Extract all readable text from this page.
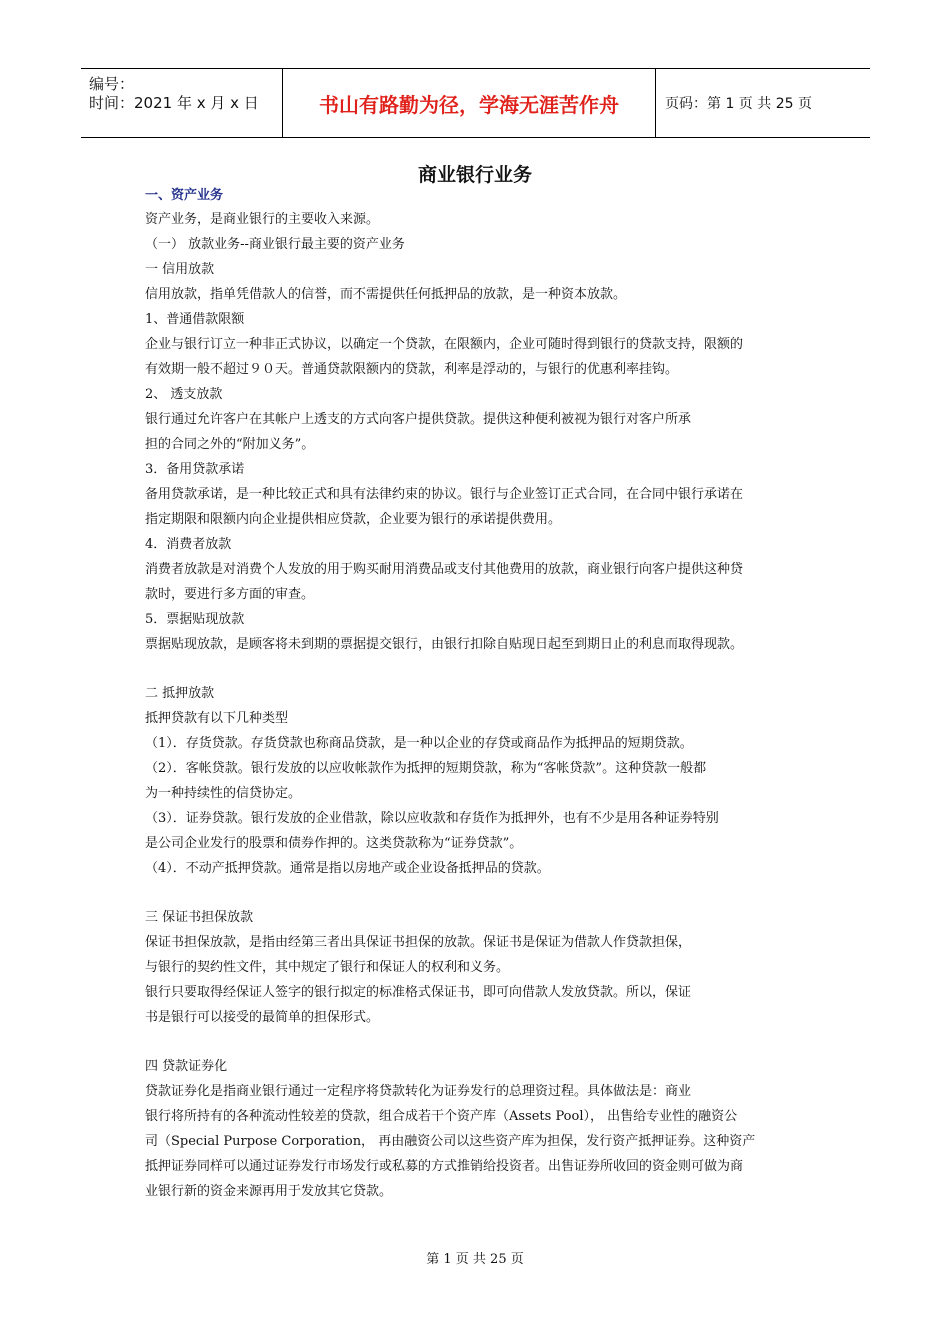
编号：
时间：2021 年 x 月 x 日	书山有路勤为径，学海无涯苦作舟	页码：第 1 页 共 25 页
商业银行业务
一、资产业务
资产业务，是商业银行的主要收入来源。
（一） 放款业务--商业银行最主要的资产业务
一 信用放款
信用放款，指单凭借款人的信誉，而不需提供任何抵押品的放款，是一种资本放款。
1、普通借款限额
企业与银行订立一种非正式协议，以确定一个贷款，在限额内，企业可随时得到银行的贷款支持，限额的
有效期一般不超过９０天。普通贷款限额内的贷款，利率是浮动的，与银行的优惠利率挂钩。
2、 透支放款
银行通过允许客户在其帐户上透支的方式向客户提供贷款。提供这种便利被视为银行对客户所承
担的合同之外的“附加义务”。
3．备用贷款承诺
备用贷款承诺，是一种比较正式和具有法律约束的协议。银行与企业签订正式合同，在合同中银行承诺在
指定期限和限额内向企业提供相应贷款，企业要为银行的承诺提供费用。
4．消费者放款
消费者放款是对消费个人发放的用于购买耐用消费品或支付其他费用的放款，商业银行向客户提供这种贷
款时，要进行多方面的审查。
5．票据贴现放款
票据贴现放款，是顾客将未到期的票据提交银行，由银行扣除自贴现日起至到期日止的利息而取得现款。
二 抵押放款
抵押贷款有以下几种类型
（1）．存货贷款。存货贷款也称商品贷款，是一种以企业的存贷或商品作为抵押品的短期贷款。
（2）．客帐贷款。银行发放的以应收帐款作为抵押的短期贷款，称为“客帐贷款”。这种贷款一般都
为一种持续性的信贷协定。
（3）．证券贷款。银行发放的企业借款，除以应收款和存货作为抵押外，也有不少是用各种证券特别
是公司企业发行的股票和债券作押的。这类贷款称为“证券贷款”。
（4）．不动产抵押贷款。通常是指以房地产或企业设备抵押品的贷款。
三 保证书担保放款
保证书担保放款，是指由经第三者出具保证书担保的放款。保证书是保证为借款人作贷款担保，
与银行的契约性文件，其中规定了银行和保证人的权利和义务。
银行只要取得经保证人签字的银行拟定的标准格式保证书，即可向借款人发放贷款。所以，保证
书是银行可以接受的最简单的担保形式。
四 贷款证券化
贷款证券化是指商业银行通过一定程序将贷款转化为证券发行的总理资过程。具体做法是：商业
银行将所持有的各种流动性较差的贷款，组合成若干个资产库（Assets Pool）， 出售给专业性的融资公
司（Special Purpose Corporation， 再由融资公司以这些资产库为担保，发行资产抵押证券。这种资产
抵押证券同样可以通过证券发行市场发行或私募的方式推销给投资者。出售证券所收回的资金则可做为商
业银行新的资金来源再用于发放其它贷款。
第 1 页 共 25 页
